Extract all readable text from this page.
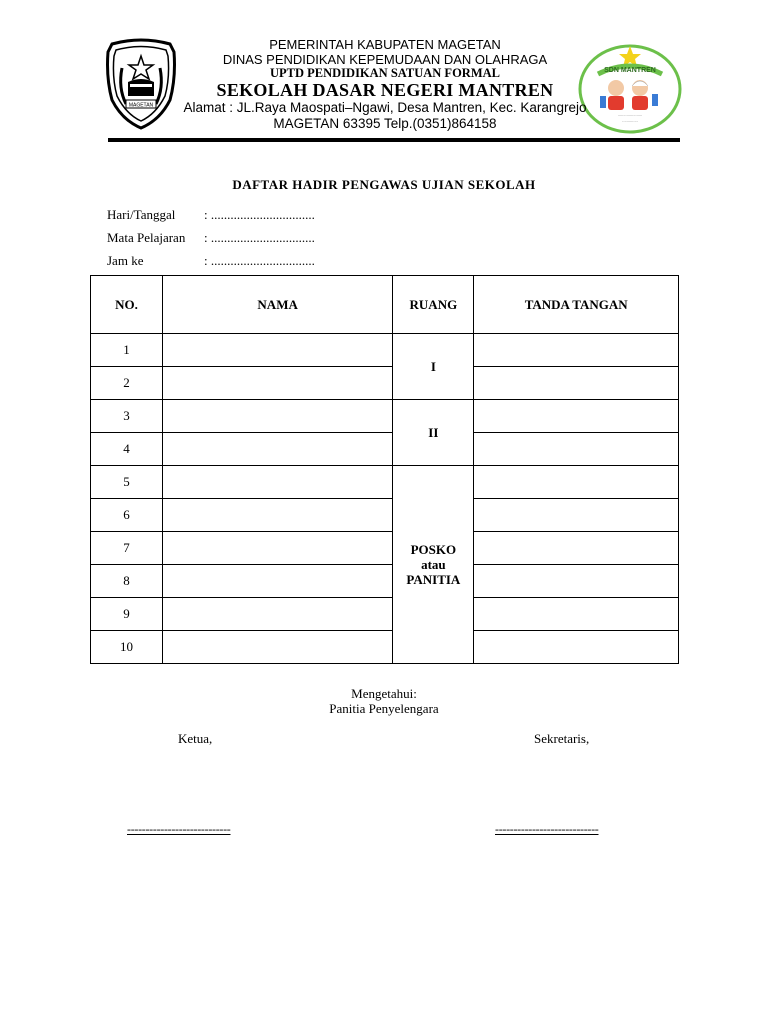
MAGETAN
SDN MANTREN
......................
..............
PEMERINTAH KABUPATEN MAGETAN
DINAS PENDIDIKAN KEPEMUDAAN DAN OLAHRAGA
UPTD PENDIDIKAN SATUAN FORMAL
SEKOLAH DASAR NEGERI MANTREN
Alamat : JL.Raya Maospati–Ngawi, Desa Mantren, Kec. Karangrejo
MAGETAN 63395 Telp.(0351)864158
DAFTAR HADIR PENGAWAS UJIAN SEKOLAH
Hari/Tanggal : ................................
Mata Pelajaran : ................................
Jam ke	: ................................
NO.	NAMA	RUANG	TANDA TANGAN
1		I	
2			
3		II	
4			
5		POSKO
atau
PANITIA	

6			
7			
8			
9			
10			
Mengetahui:
Panitia Penyelengara
Ketua,	Sekretaris,
----------------------------	----------------------------
